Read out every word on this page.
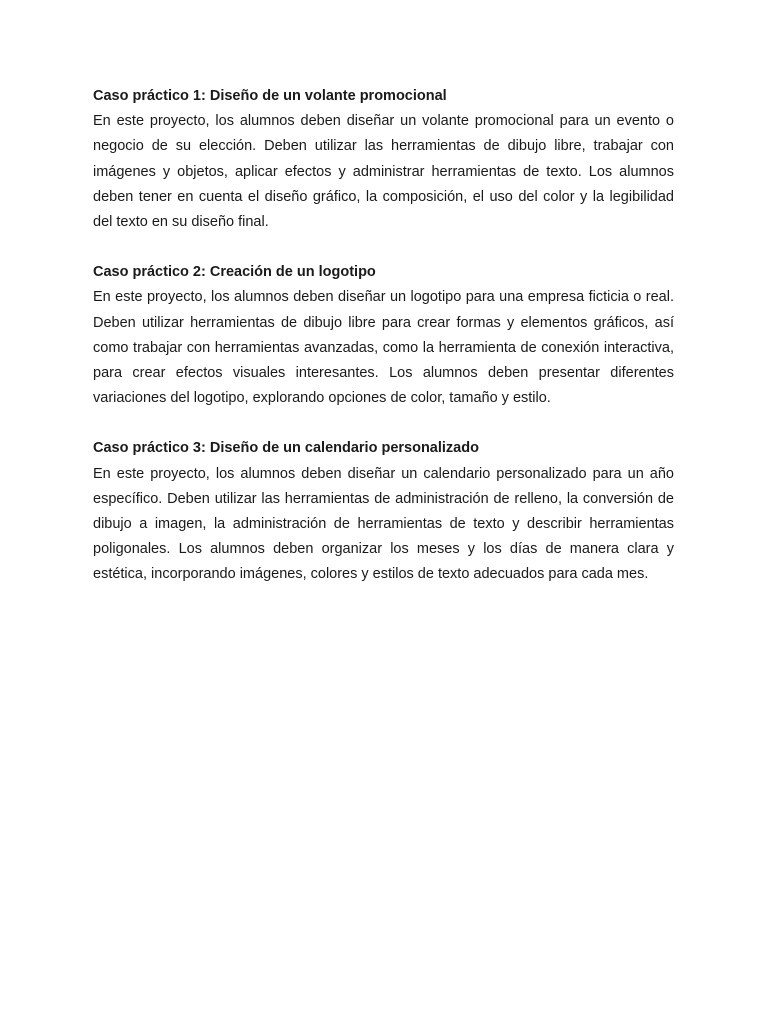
Caso práctico 1: Diseño de un volante promocional

En este proyecto, los alumnos deben diseñar un volante promocional para un evento o negocio de su elección. Deben utilizar las herramientas de dibujo libre, trabajar con imágenes y objetos, aplicar efectos y administrar herramientas de texto. Los alumnos deben tener en cuenta el diseño gráfico, la composición, el uso del color y la legibilidad del texto en su diseño final.

Caso práctico 2: Creación de un logotipo

En este proyecto, los alumnos deben diseñar un logotipo para una empresa ficticia o real. Deben utilizar herramientas de dibujo libre para crear formas y elementos gráficos, así como trabajar con herramientas avanzadas, como la herramienta de conexión interactiva, para crear efectos visuales interesantes. Los alumnos deben presentar diferentes variaciones del logotipo, explorando opciones de color, tamaño y estilo.

Caso práctico 3: Diseño de un calendario personalizado

En este proyecto, los alumnos deben diseñar un calendario personalizado para un año específico. Deben utilizar las herramientas de administración de relleno, la conversión de dibujo a imagen, la administración de herramientas de texto y describir herramientas poligonales. Los alumnos deben organizar los meses y los días de manera clara y estética, incorporando imágenes, colores y estilos de texto adecuados para cada mes.
